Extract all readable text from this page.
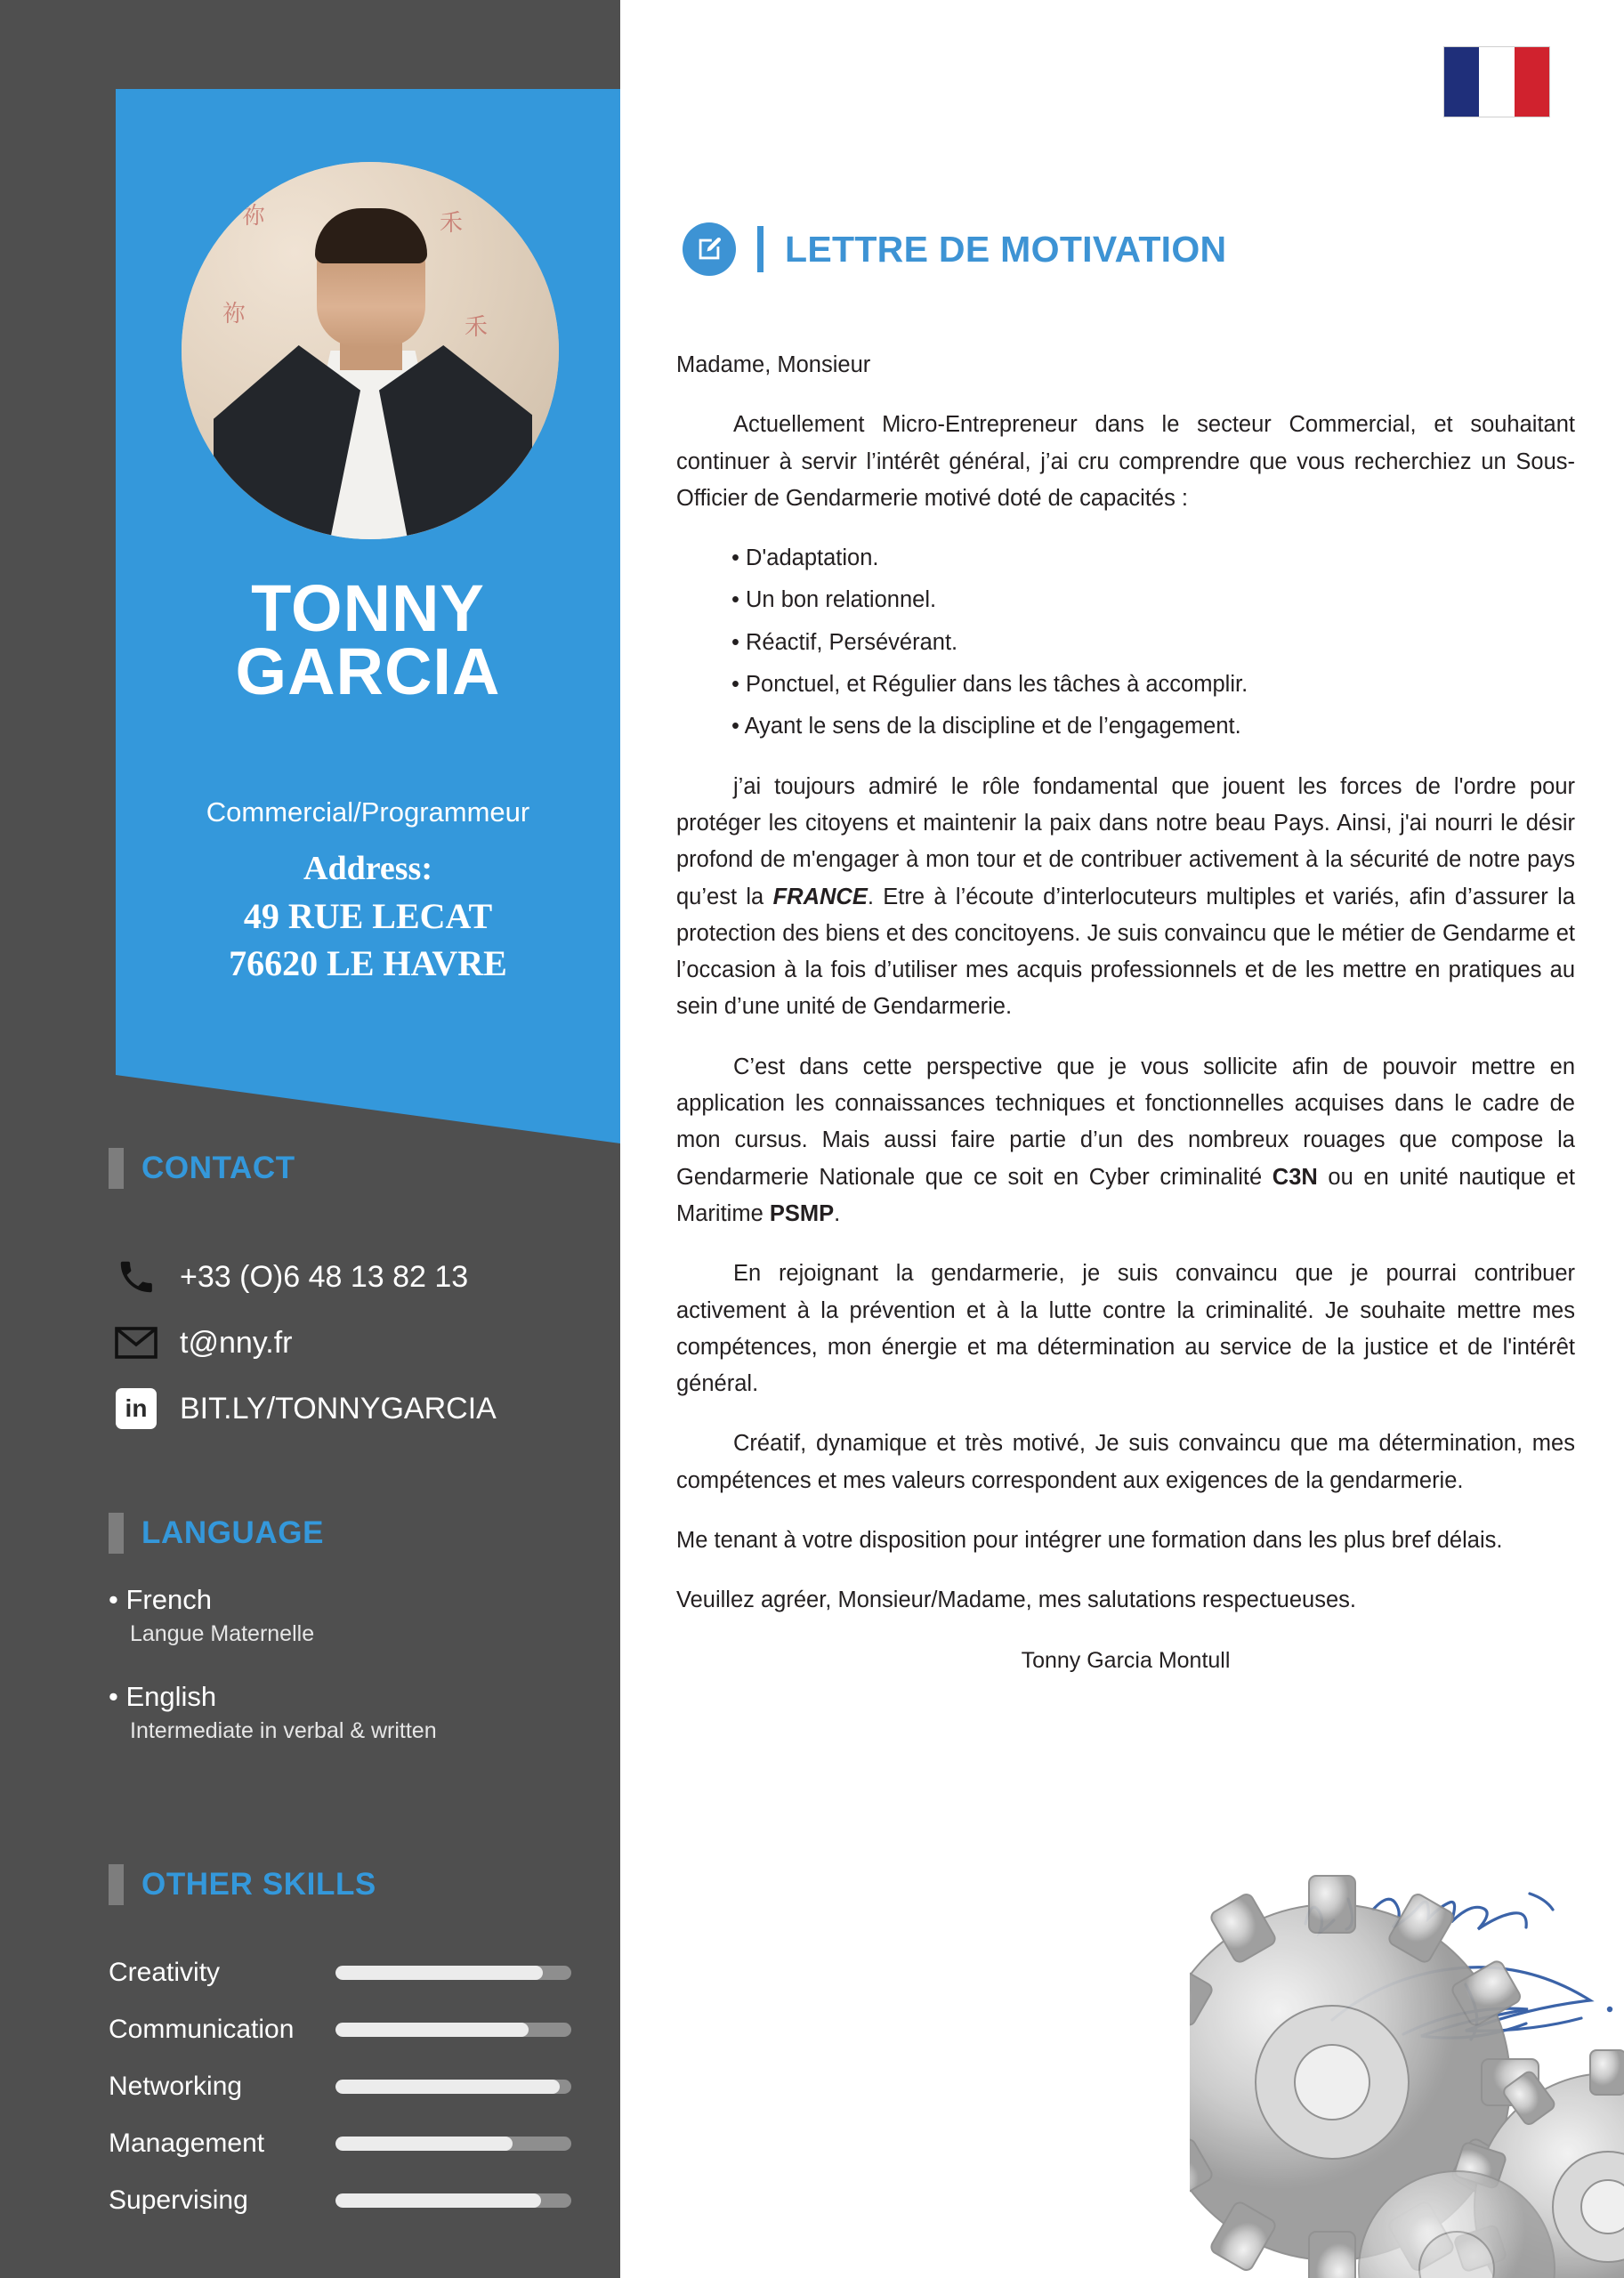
祢	禾
祢	禾
TONNY
GARCIA
Commercial/Programmeur
Address:
49 RUE LECAT
76620 LE HAVRE
CONTACT
+33 (O)6 48 13 82 13
t@nny.fr
in	BIT.LY/TONNYGARCIA
LANGUAGE
• French
Langue Maternelle
• English
Intermediate in verbal & written
OTHER SKILLS
Creativity
Communication
Networking
Management
Supervising
LETTRE DE MOTIVATION

Madame, Monsieur

Actuellement Micro-Entrepreneur dans le secteur Commercial, et souhaitant continuer à servir l’intérêt général, j’ai cru comprendre que vous recherchiez un Sous-Officier de Gendarmerie motivé doté de capacités :

• D'adaptation.
• Un bon relationnel.
• Réactif, Persévérant.
• Ponctuel, et Régulier dans les tâches à accomplir.
• Ayant le sens de la discipline et de l’engagement.

j’ai toujours admiré le rôle fondamental que jouent les forces de l'ordre pour protéger les citoyens et maintenir la paix dans notre beau Pays. Ainsi, j'ai nourri le désir profond de m'engager à mon tour et de contribuer activement à la sécurité de notre pays qu’est la FRANCE. Etre à l’écoute d’interlocuteurs multiples et variés, afin d’assurer la protection des biens et des concitoyens. Je suis convaincu que le métier de Gendarme et l’occasion à la fois d’utiliser mes acquis professionnels et de les mettre en pratiques au sein d’une unité de Gendarmerie.

C’est dans cette perspective que je vous sollicite afin de pouvoir mettre en application les connaissances techniques et fonctionnelles acquises dans le cadre de mon cursus. Mais aussi faire partie d’un des nombreux rouages que compose la Gendarmerie Nationale que ce soit en Cyber criminalité C3N ou en unité nautique et Maritime PSMP.

En rejoignant la gendarmerie, je suis convaincu que je pourrai contribuer activement à la prévention et à la lutte contre la criminalité. Je souhaite mettre mes compétences, mon énergie et ma détermination au service de la justice et de l'intérêt général.

Créatif, dynamique et très motivé, Je suis convaincu que ma détermination, mes compétences et mes valeurs correspondent aux exigences de la gendarmerie.

Me tenant à votre disposition pour intégrer une formation dans les plus bref délais.

Veuillez agréer, Monsieur/Madame, mes salutations respectueuses.

Tonny Garcia Montull
